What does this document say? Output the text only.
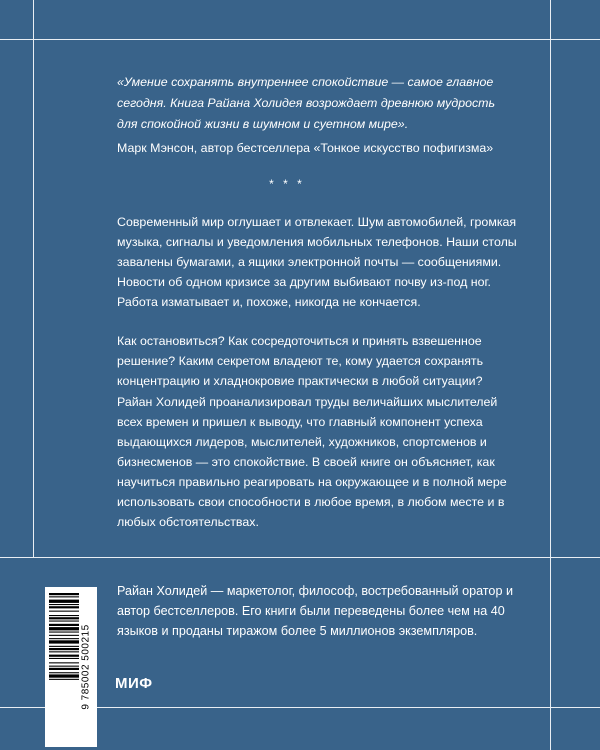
«Умение сохранять внутреннее спокойствие — самое главное сегодня. Книга Райана Холидея возрождает древнюю мудрость для спокойной жизни в шумном и суетном мире».

Марк Мэнсон, автор бестселлера «Тонкое искусство пофигизма»

* * *

Современный мир оглушает и отвлекает. Шум автомобилей, громкая музыка, сигналы и уведомления мобильных телефонов. Наши столы завалены бумагами, а ящики электронной почты — сообщениями. Новости об одном кризисе за другим выбивают почву из-под ног. Работа изматывает и, похоже, никогда не кончается.

Как остановиться? Как сосредоточиться и принять взвешенное решение? Каким секретом владеют те, кому удается сохранять концентрацию и хладнокровие практически в любой ситуации?

Райан Холидей проанализировал труды величайших мыслителей всех времен и пришел к выводу, что главный компонент успеха выдающихся лидеров, мыслителей, художников, спортсменов и бизнесменов — это спокойствие. В своей книге он объясняет, как научиться правильно реагировать на окружающее и в полной мере использовать свои способности в любое время, в любом месте и в любых обстоятельствах.

Райан Холидей — маркетолог, философ, востребованный оратор и автор бестселлеров. Его книги были переведены более чем на 40 языков и проданы тиражом более 5 миллионов экземпляров.

9 785002 500215 МИФ
